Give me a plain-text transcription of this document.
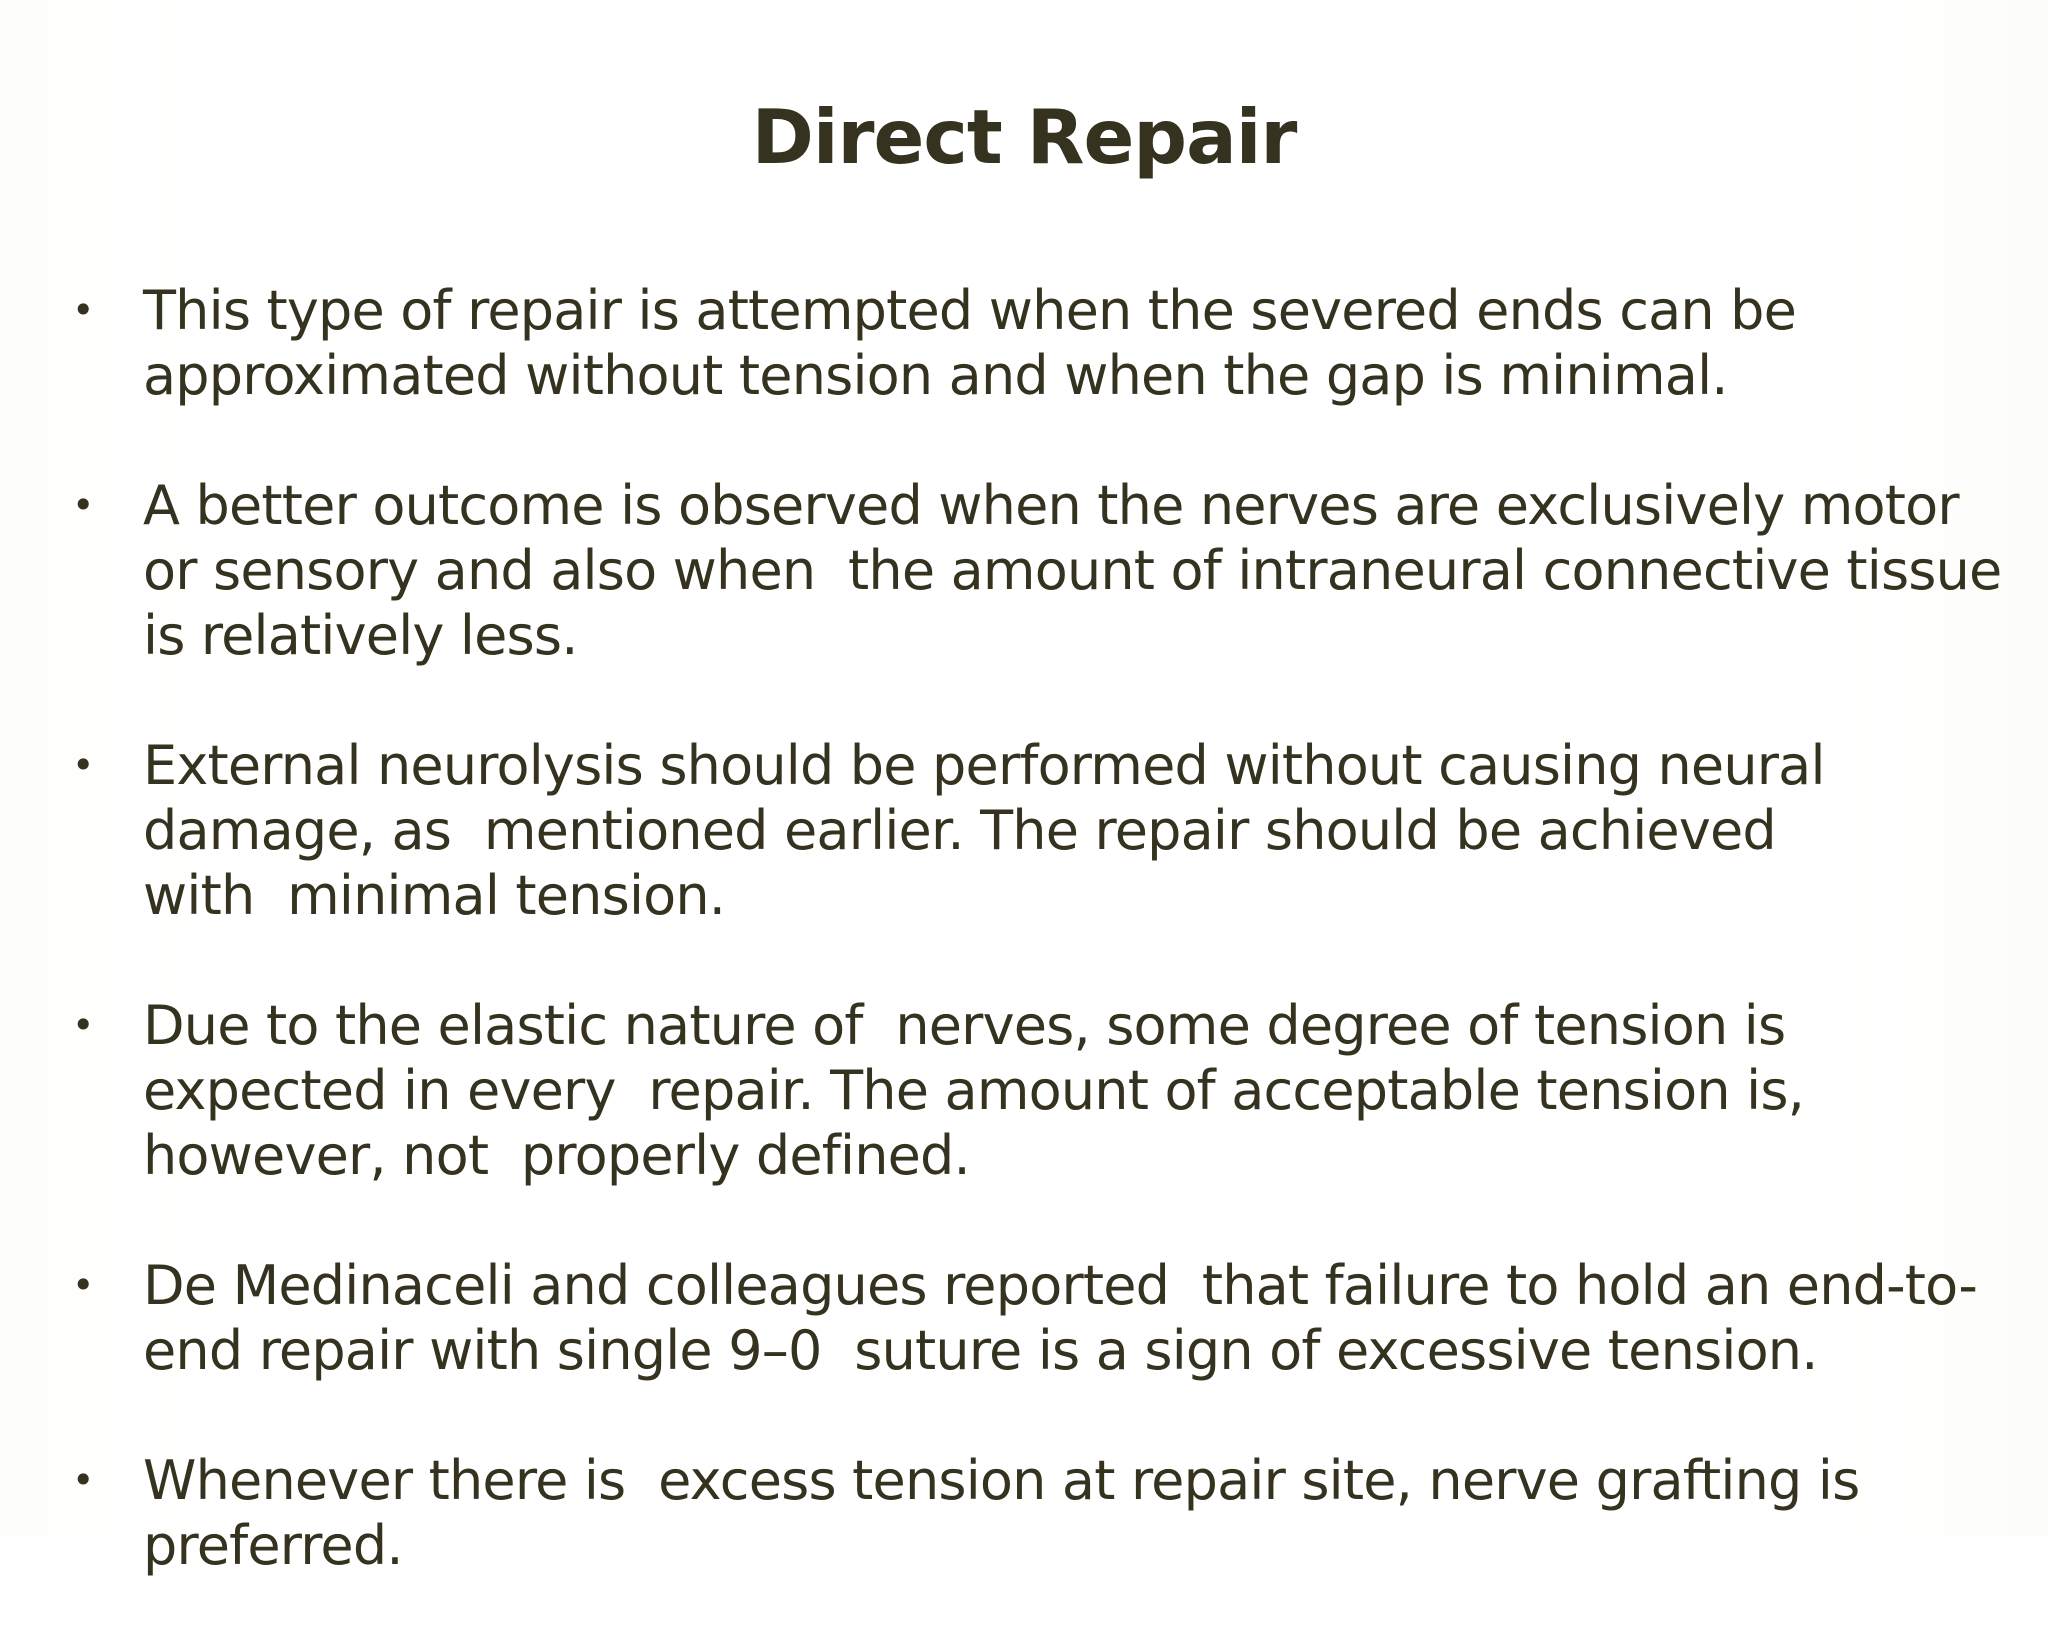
Direct Repair
• This type of repair is attempted when the severed ends can be
approximated without tension and when the gap is minimal.
• A better outcome is observed when the nerves are exclusively motor
or sensory and also when  the amount of intraneural connective tissue
is relatively less.
• External neurolysis should be performed without causing neural
damage, as  mentioned earlier. The repair should be achieved
with  minimal tension.
• Due to the elastic nature of  nerves, some degree of tension is
expected in every  repair. The amount of acceptable tension is,
however, not  properly defined.
• De Medinaceli and colleagues reported  that failure to hold an end-to-
end repair with single 9–0  suture is a sign of excessive tension.
• Whenever there is  excess tension at repair site, nerve grafting is
preferred.
